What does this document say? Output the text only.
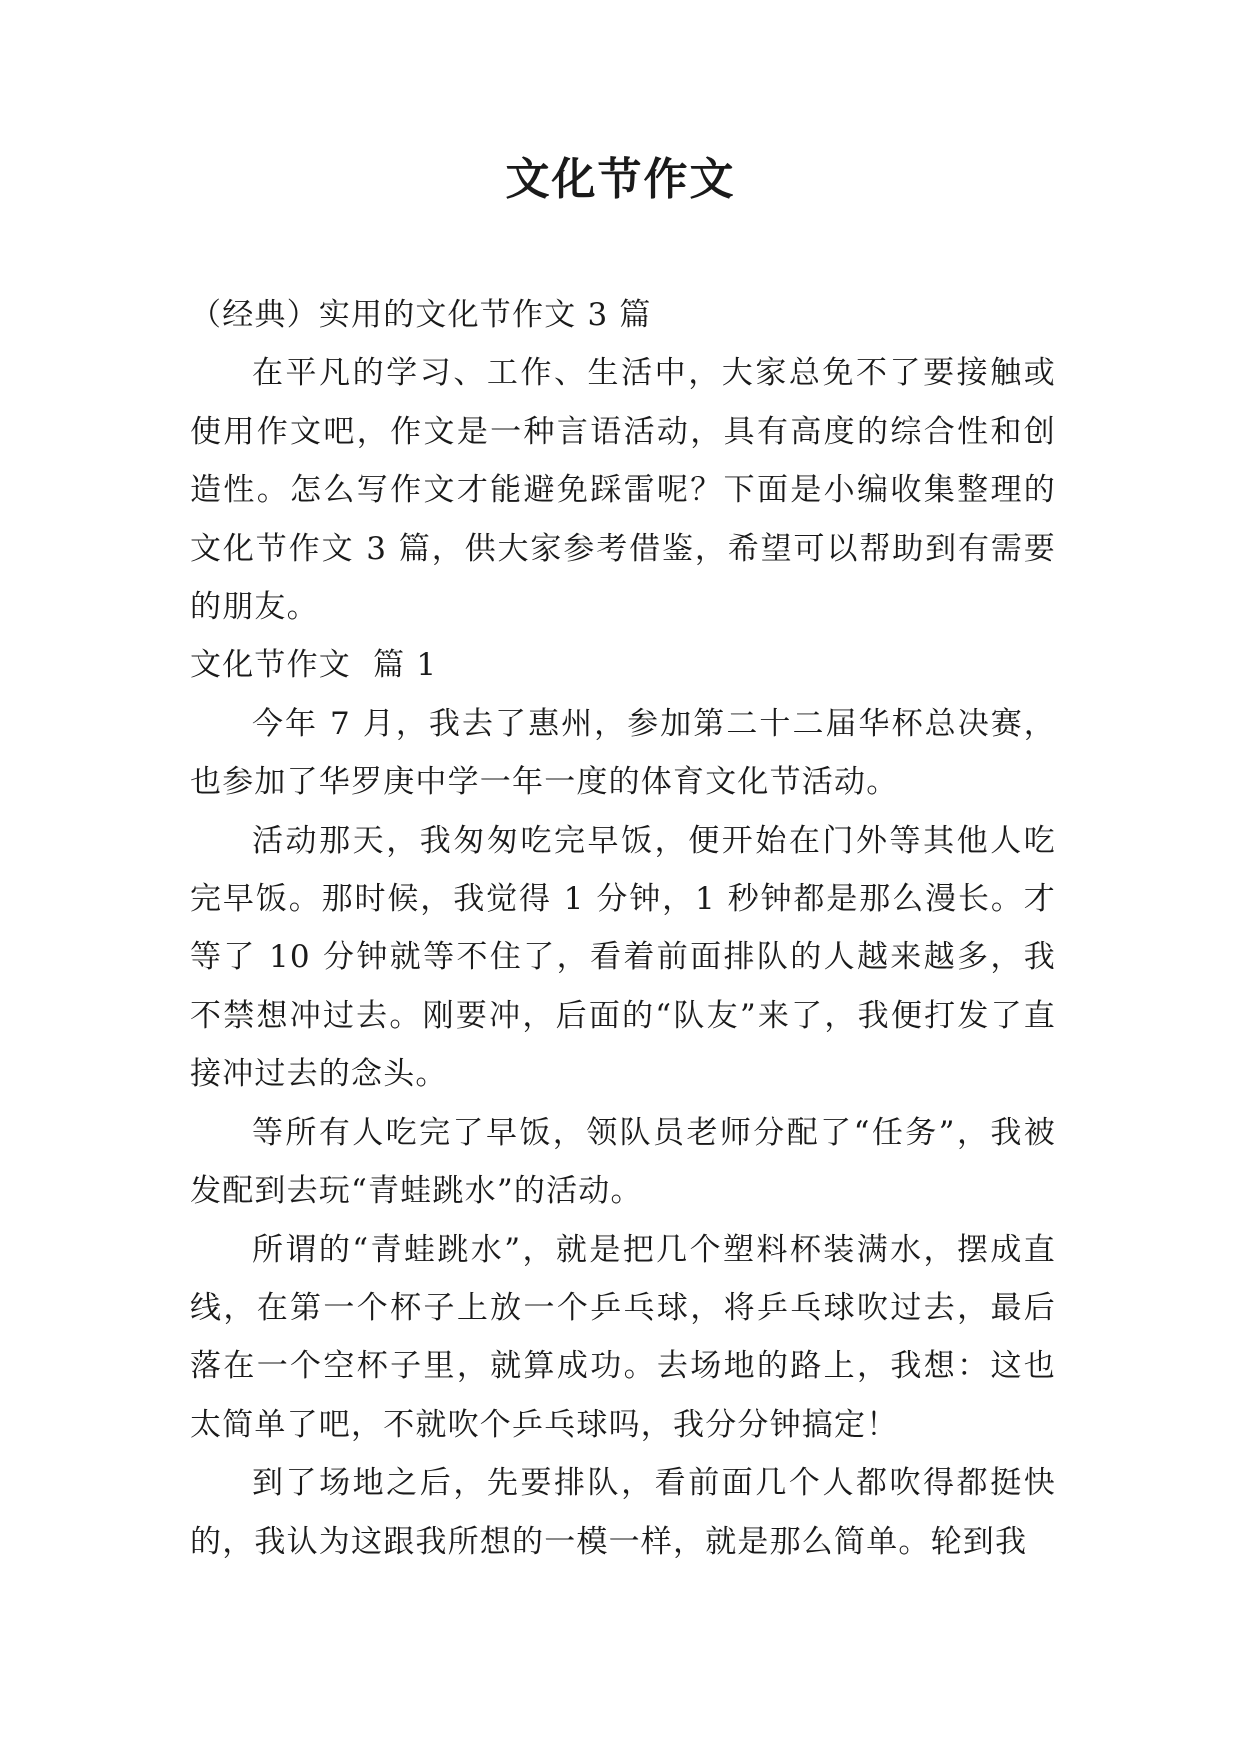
文化节作文

（经典）实用的文化节作文 3 篇

在平凡的学习、工作、生活中，大家总免不了要接触或使用作文吧，作文是一种言语活动，具有高度的综合性和创造性。怎么写作文才能避免踩雷呢？下面是小编收集整理的文化节作文 3 篇，供大家参考借鉴，希望可以帮助到有需要的朋友。

文化节作文  篇 1

今年 7 月，我去了惠州，参加第二十二届华杯总决赛，也参加了华罗庚中学一年一度的体育文化节活动。

活动那天，我匆匆吃完早饭，便开始在门外等其他人吃完早饭。那时候，我觉得 1 分钟，1 秒钟都是那么漫长。才等了 10 分钟就等不住了，看着前面排队的人越来越多，我不禁想冲过去。刚要冲，后面的“队友”来了，我便打发了直接冲过去的念头。

等所有人吃完了早饭，领队员老师分配了“任务”，我被发配到去玩“青蛙跳水”的活动。

所谓的“青蛙跳水”，就是把几个塑料杯装满水，摆成直线，在第一个杯子上放一个乒乓球，将乒乓球吹过去，最后落在一个空杯子里，就算成功。去场地的路上，我想：这也太简单了吧，不就吹个乒乓球吗，我分分钟搞定！

到了场地之后，先要排队，看前面几个人都吹得都挺快的，我认为这跟我所想的一模一样，就是那么简单。轮到我
